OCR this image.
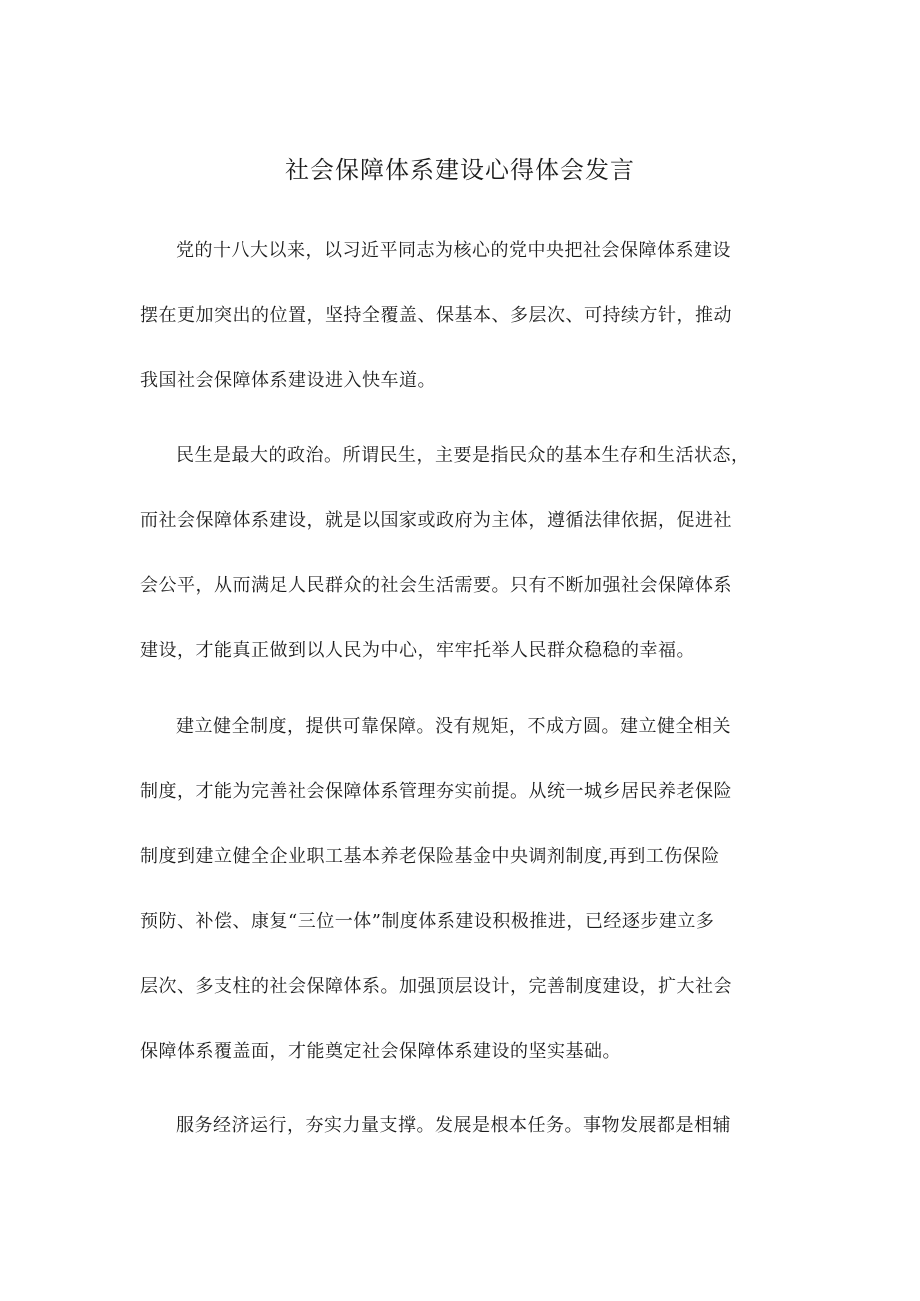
社会保障体系建设心得体会发言
党的十八大以来，以习近平同志为核心的党中央把社会保障体系建设
摆在更加突出的位置，坚持全覆盖、保基本、多层次、可持续方针，推动
我国社会保障体系建设进入快车道。
民生是最大的政治。所谓民生，主要是指民众的基本生存和生活状态，
而社会保障体系建设，就是以国家或政府为主体，遵循法律依据，促进社
会公平，从而满足人民群众的社会生活需要。只有不断加强社会保障体系
建设，才能真正做到以人民为中心，牢牢托举人民群众稳稳的幸福。
建立健全制度，提供可靠保障。没有规矩，不成方圆。建立健全相关
制度，才能为完善社会保障体系管理夯实前提。从统一城乡居民养老保险
制度到建立健全企业职工基本养老保险基金中央调剂制度,再到工伤保险
预防、补偿、康复“三位一体”制度体系建设积极推进，已经逐步建立多
层次、多支柱的社会保障体系。加强顶层设计，完善制度建设，扩大社会
保障体系覆盖面，才能奠定社会保障体系建设的坚实基础。
服务经济运行，夯实力量支撑。发展是根本任务。事物发展都是相辅
